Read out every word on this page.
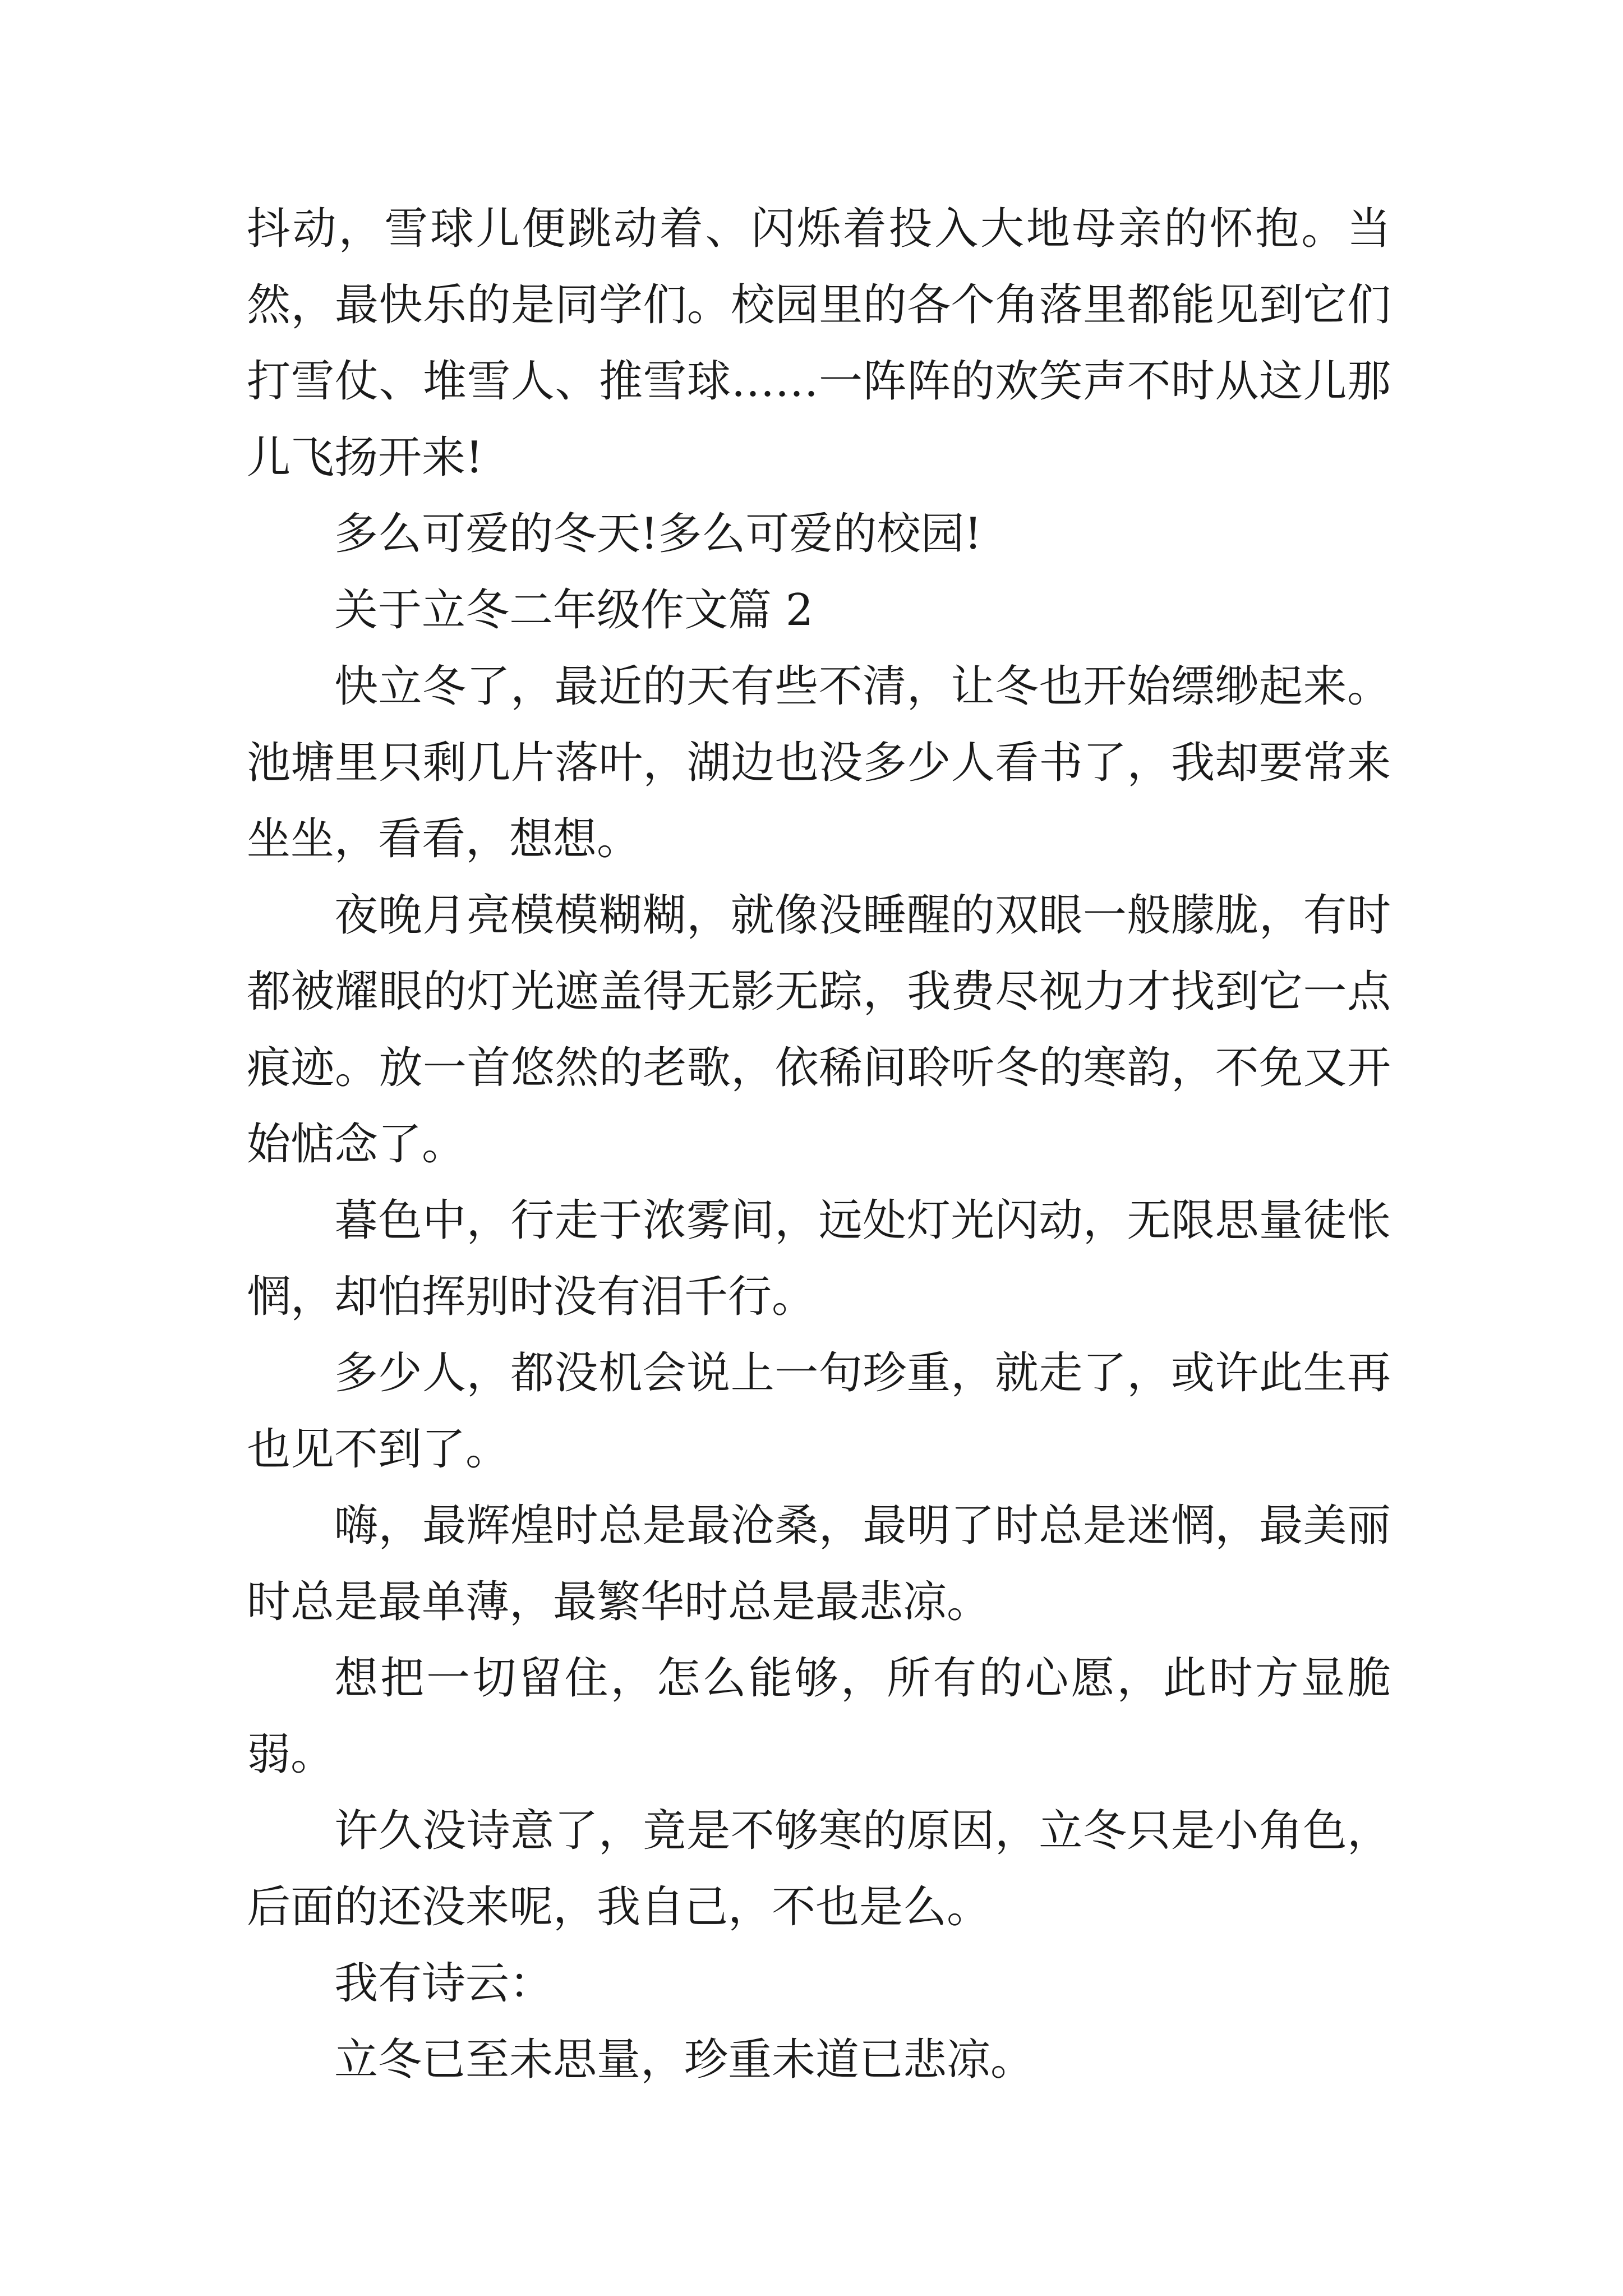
抖动，雪球儿便跳动着、闪烁着投入大地母亲的怀抱。当然，最快乐的是同学们。校园里的各个角落里都能见到它们打雪仗、堆雪人、推雪球……一阵阵的欢笑声不时从这儿那儿飞扬开来!

多么可爱的冬天!多么可爱的校园!

关于立冬二年级作文篇 2

快立冬了，最近的天有些不清，让冬也开始缥缈起来。池塘里只剩几片落叶，湖边也没多少人看书了，我却要常来坐坐，看看，想想。

夜晚月亮模模糊糊，就像没睡醒的双眼一般朦胧，有时都被耀眼的灯光遮盖得无影无踪，我费尽视力才找到它一点痕迹。放一首悠然的老歌，依稀间聆听冬的寒韵，不免又开始惦念了。

暮色中，行走于浓雾间，远处灯光闪动，无限思量徒怅惘，却怕挥别时没有泪千行。

多少人，都没机会说上一句珍重，就走了，或许此生再也见不到了。

嗨，最辉煌时总是最沧桑，最明了时总是迷惘，最美丽时总是最单薄，最繁华时总是最悲凉。

想把一切留住，怎么能够，所有的心愿，此时方显脆弱。

许久没诗意了，竟是不够寒的原因，立冬只是小角色，后面的还没来呢，我自己，不也是么。

我有诗云：

立冬已至未思量，珍重未道已悲凉。
